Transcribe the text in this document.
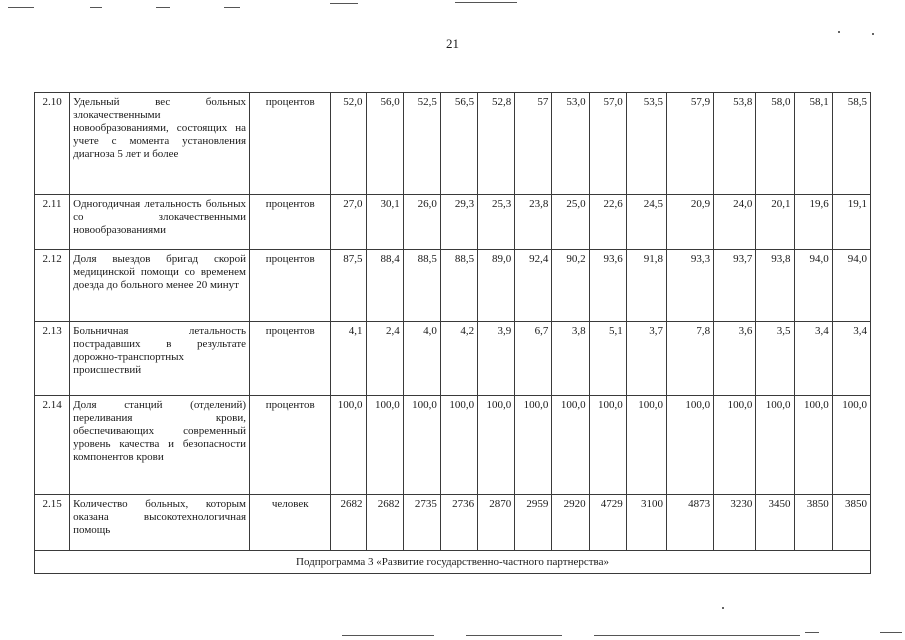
21
2.10	Удельный вес больных злокачественными новообразованиями, состоящих на учете с момента установления диагноза 5 лет и более	процентов	52,0	56,0	52,5	56,5	52,8	57	53,0	57,0	53,5	57,9	53,8	58,0	58,1	58,5
2.11	Одногодичная летальность больных со злокачественными новообразованиями	процентов	27,0	30,1	26,0	29,3	25,3	23,8	25,0	22,6	24,5	20,9	24,0	20,1	19,6	19,1
2.12	Доля выездов бригад скорой медицинской помощи со временем доезда до больного менее 20 минут	процентов	87,5	88,4	88,5	88,5	89,0	92,4	90,2	93,6	91,8	93,3	93,7	93,8	94,0	94,0
2.13	Больничная летальность пострадавших в результате дорожно-транспортных происшествий	процентов	4,1	2,4	4,0	4,2	3,9	6,7	3,8	5,1	3,7	7,8	3,6	3,5	3,4	3,4
2.14	Доля станций (отделений) переливания крови, обеспечивающих современный уровень качества и безопасности компонентов крови	процентов	100,0	100,0	100,0	100,0	100,0	100,0	100,0	100,0	100,0	100,0	100,0	100,0	100,0	100,0
2.15	Количество больных, которым оказана высокотехнологичная помощь	человек	2682	2682	2735	2736	2870	2959	2920	4729	3100	4873	3230	3450	3850	3850
Подпрограмма 3 «Развитие государственно-частного партнерства»																
